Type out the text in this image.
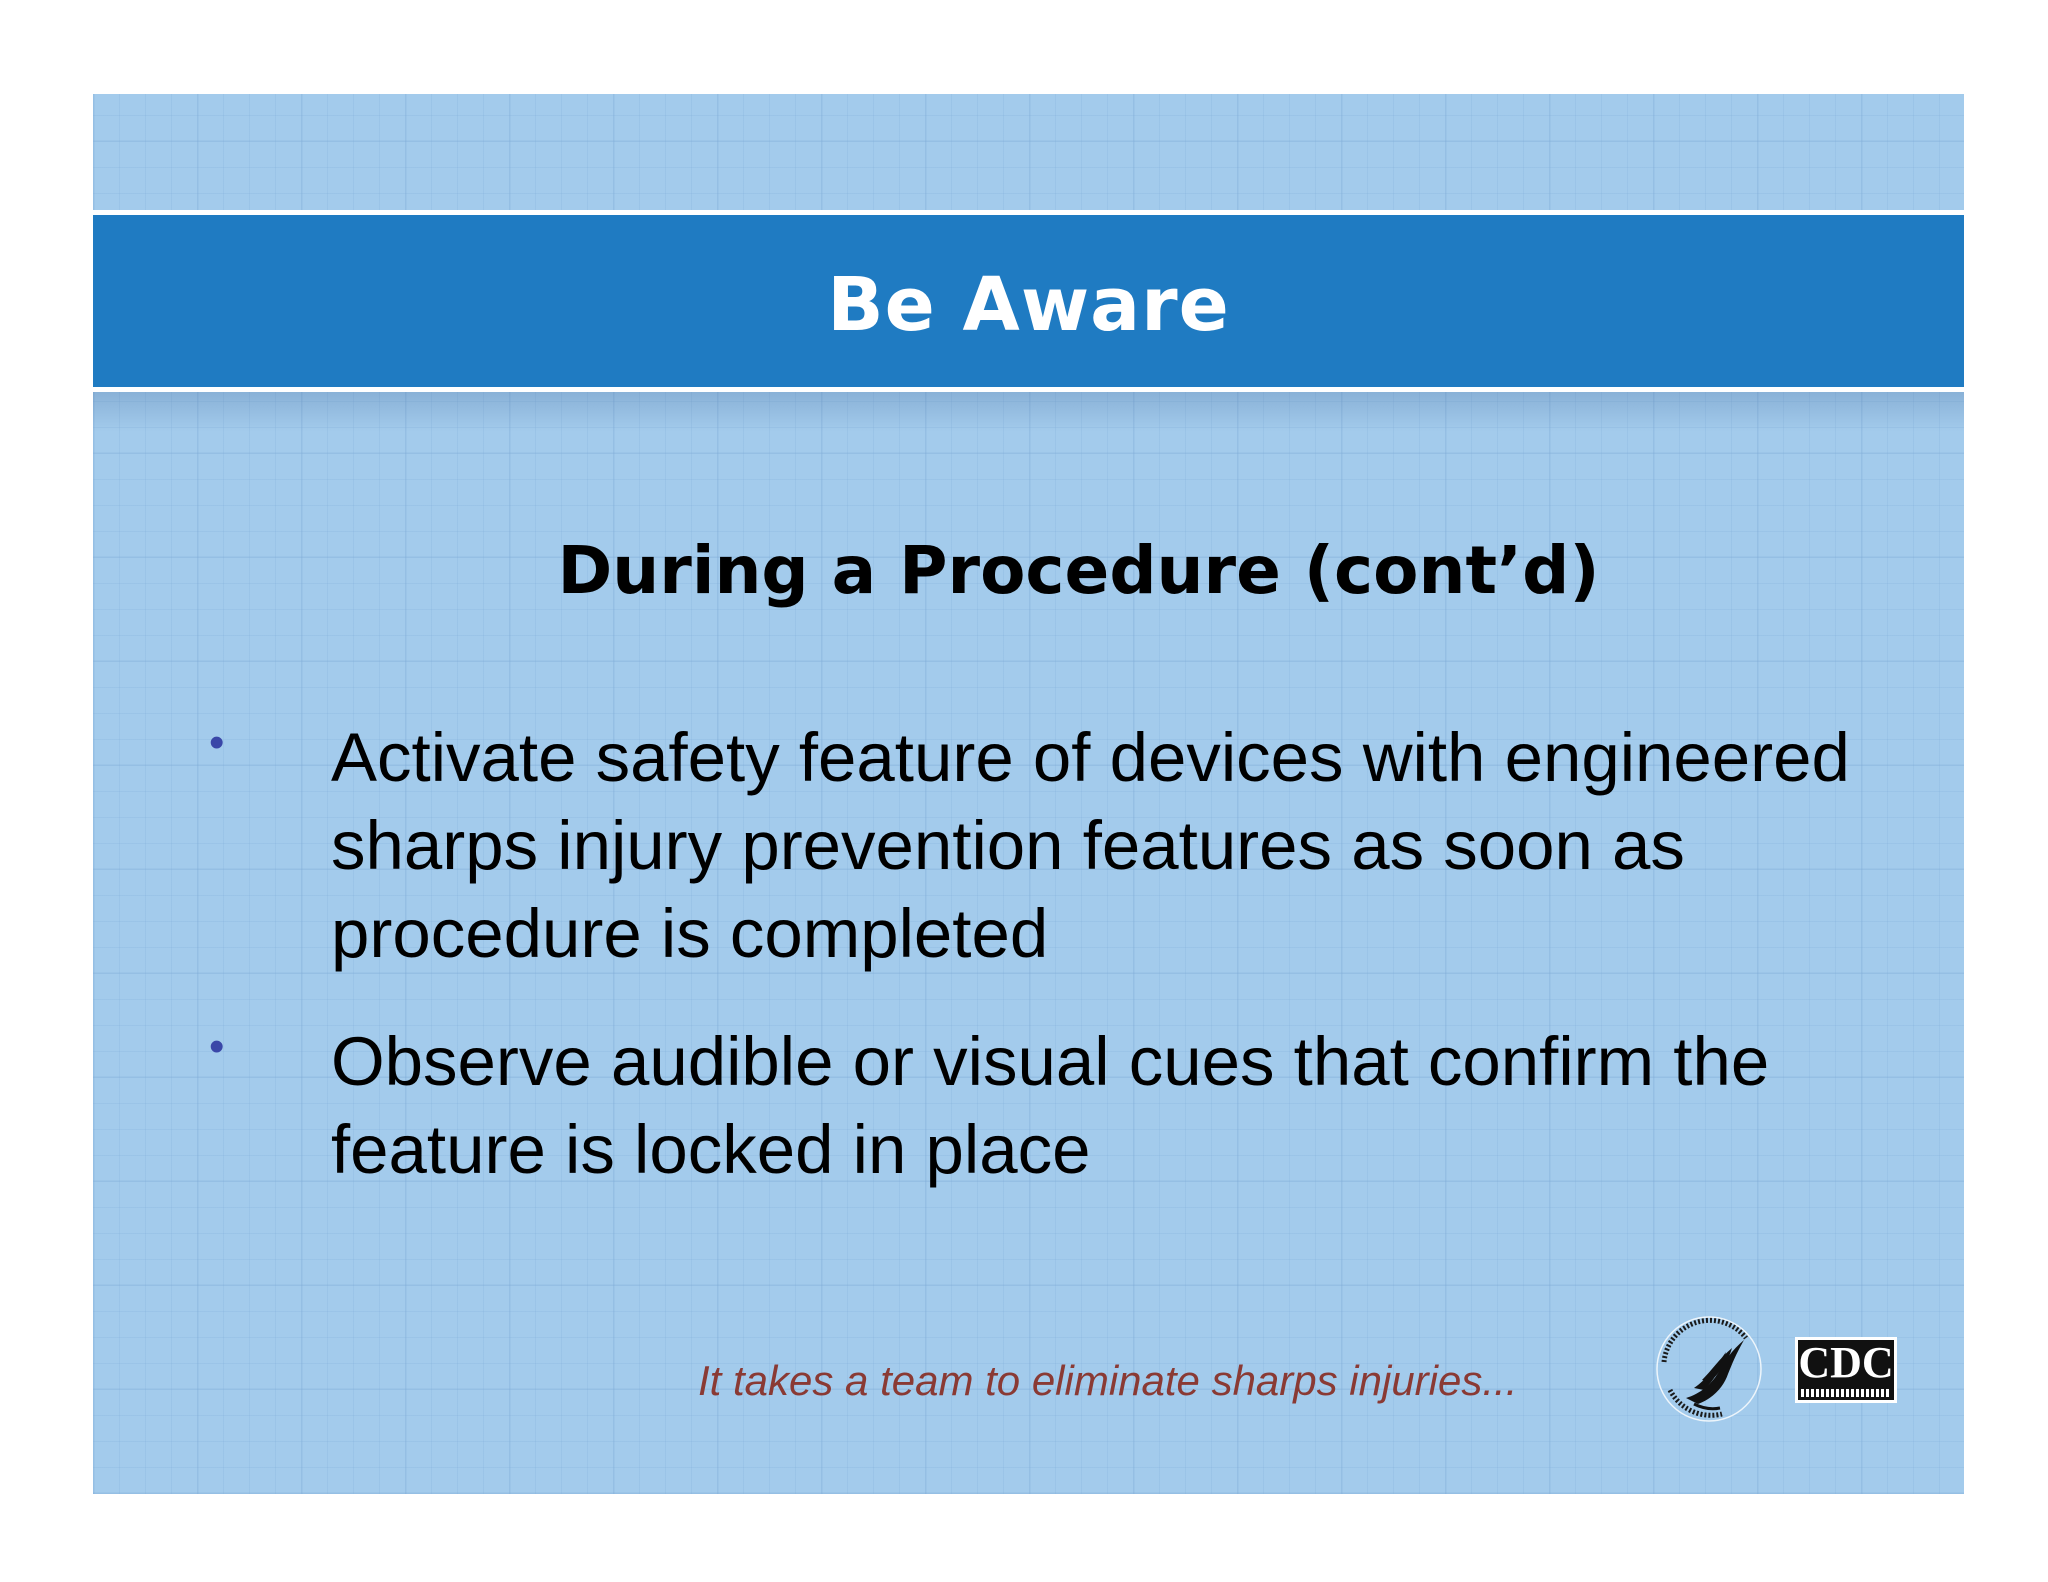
Be Aware
During a Procedure (cont’d)
• Activate safety feature of devices with engineered sharps injury prevention features as soon as procedure is completed
• Observe audible or visual cues that confirm the feature is locked in place
It takes a team to eliminate sharps injuries...	CDC
